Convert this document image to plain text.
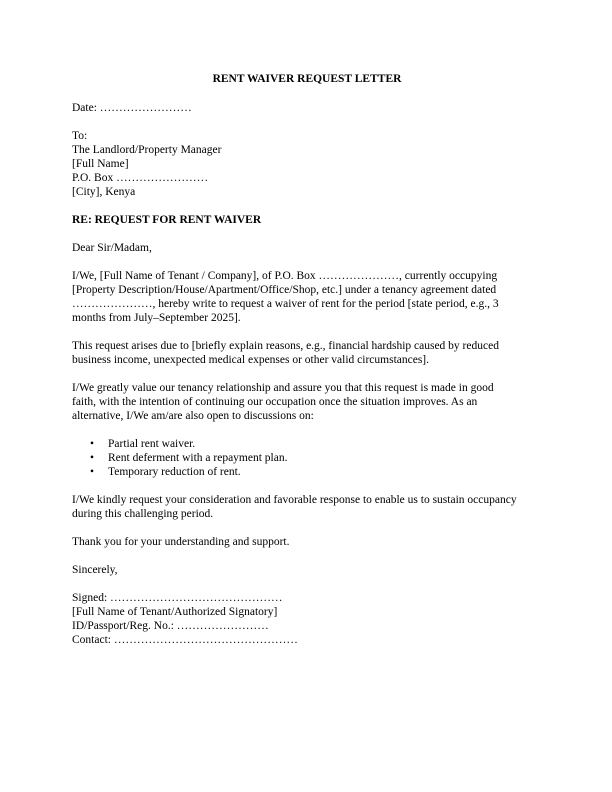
RENT WAIVER REQUEST LETTER

Date: ……………………

To:

The Landlord/Property Manager

[Full Name]

P.O. Box ……………………

[City], Kenya

RE: REQUEST FOR RENT WAIVER

Dear Sir/Madam,

I/We, [Full Name of Tenant / Company], of P.O. Box …………………, currently occupying

[Property Description/House/Apartment/Office/Shop, etc.] under a tenancy agreement dated

…………………, hereby write to request a waiver of rent for the period [state period, e.g., 3

months from July–September 2025].

This request arises due to [briefly explain reasons, e.g., financial hardship caused by reduced

business income, unexpected medical expenses or other valid circumstances].

I/We greatly value our tenancy relationship and assure you that this request is made in good

faith, with the intention of continuing our occupation once the situation improves. As an

alternative, I/We am/are also open to discussions on:

• Partial rent waiver.
• Rent deferment with a repayment plan.
• Temporary reduction of rent.

I/We kindly request your consideration and favorable response to enable us to sustain occupancy

during this challenging period.

Thank you for your understanding and support.

Sincerely,

Signed: ………………………………………

[Full Name of Tenant/Authorized Signatory]

ID/Passport/Reg. No.: ……………………

Contact: …………………………………………
